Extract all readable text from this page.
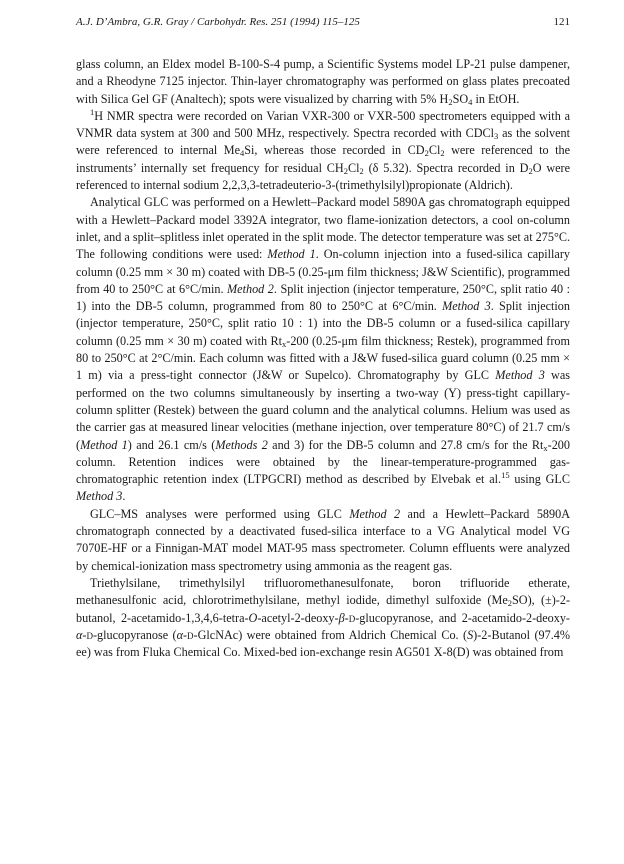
A.J. D’Ambra, G.R. Gray / Carbohydr. Res. 251 (1994) 115–125	121

glass column, an Eldex model B-100-S-4 pump, a Scientific Systems model LP-21 pulse dampener, and a Rheodyne 7125 injector. Thin-layer chromatography was performed on glass plates precoated with Silica Gel GF (Analtech); spots were visualized by charring with 5% $H_2SO_4$ in EtOH.

$^1$H NMR spectra were recorded on Varian VXR-300 or VXR-500 spectrometers equipped with a VNMR data system at 300 and 500 MHz, respectively. Spectra recorded with CDCl$_3$ as the solvent were referenced to internal $Me_4Si$, whereas those recorded in $CD_2Cl_2$ were referenced to the instruments’ internally set frequency for residual $CH_2Cl_2$ (δ 5.32). Spectra recorded in $D_2O$ were referenced to internal sodium 2,2,3,3-tetradeuterio-3-(trimethylsilyl)propionate (Aldrich).

Analytical GLC was performed on a Hewlett–Packard model 5890A gas chromatograph equipped with a Hewlett–Packard model 3392A integrator, two flame-ionization detectors, a cool on-column inlet, and a split–splitless inlet operated in the split mode. The detector temperature was set at 275°C. The following conditions were used: Method 1. On-column injection into a fused-silica capillary column (0.25 mm × 30 m) coated with DB-5 (0.25-μm film thickness; J&W Scientific), programmed from 40 to 250°C at 6°C/min. Method 2. Split injection (injector temperature, 250°C, split ratio 40 : 1) into the DB-5 column, programmed from 80 to 250°C at 6°C/min. Method 3. Split injection (injector temperature, 250°C, split ratio 10 : 1) into the DB-5 column or a fused-silica capillary column (0.25 mm × 30 m) coated with $Rt_x-200$ (0.25-μm film thickness; Restek), programmed from 80 to 250°C at 2°C/min. Each column was fitted with a J&W fused-silica guard column (0.25 mm × 1 m) via a press-tight connector (J&W or Supelco). Chromatography by GLC Method 3 was performed on the two columns simultaneously by inserting a two-way (Y) press-tight capillary-column splitter (Restek) between the guard column and the analytical columns. Helium was used as the carrier gas at measured linear velocities (methane injection, over temperature 80°C) of 21.7 cm/s (Method 1) and 26.1 cm/s (Methods 2 and 3) for the DB-5 column and 27.8 cm/s for the $Rt_x-200$ column. Retention indices were obtained by the linear-temperature-programmed gas-chromatographic retention index (LTPGCRI) method as described by Elvebak et al.$^{15}$ using GLC Method 3.

GLC–MS analyses were performed using GLC Method 2 and a Hewlett–Packard 5890A chromatograph connected by a deactivated fused-silica interface to a VG Analytical model VG 7070E-HF or a Finnigan-MAT model MAT-95 mass spectrometer. Column effluents were analyzed by chemical-ionization mass spectrometry using ammonia as the reagent gas.

Triethylsilane, trimethylsilyl trifluoromethanesulfonate, boron trifluoride etherate, methanesulfonic acid, chlorotrimethylsilane, methyl iodide, dimethyl sulfoxide $(Me_2SO)$, (±)-2-butanol, 2-acetamido-1,3,4,6-tetra-O-acetyl-2-deoxy-β-d-glucopyranose, and 2-acetamido-2-deoxy-α-d-glucopyranose (α-d-GlcNAc) were obtained from Aldrich Chemical Co. (S)-2-Butanol (97.4% ee) was from Fluka Chemical Co. Mixed-bed ion-exchange resin AG501 X-8(D) was obtained from
